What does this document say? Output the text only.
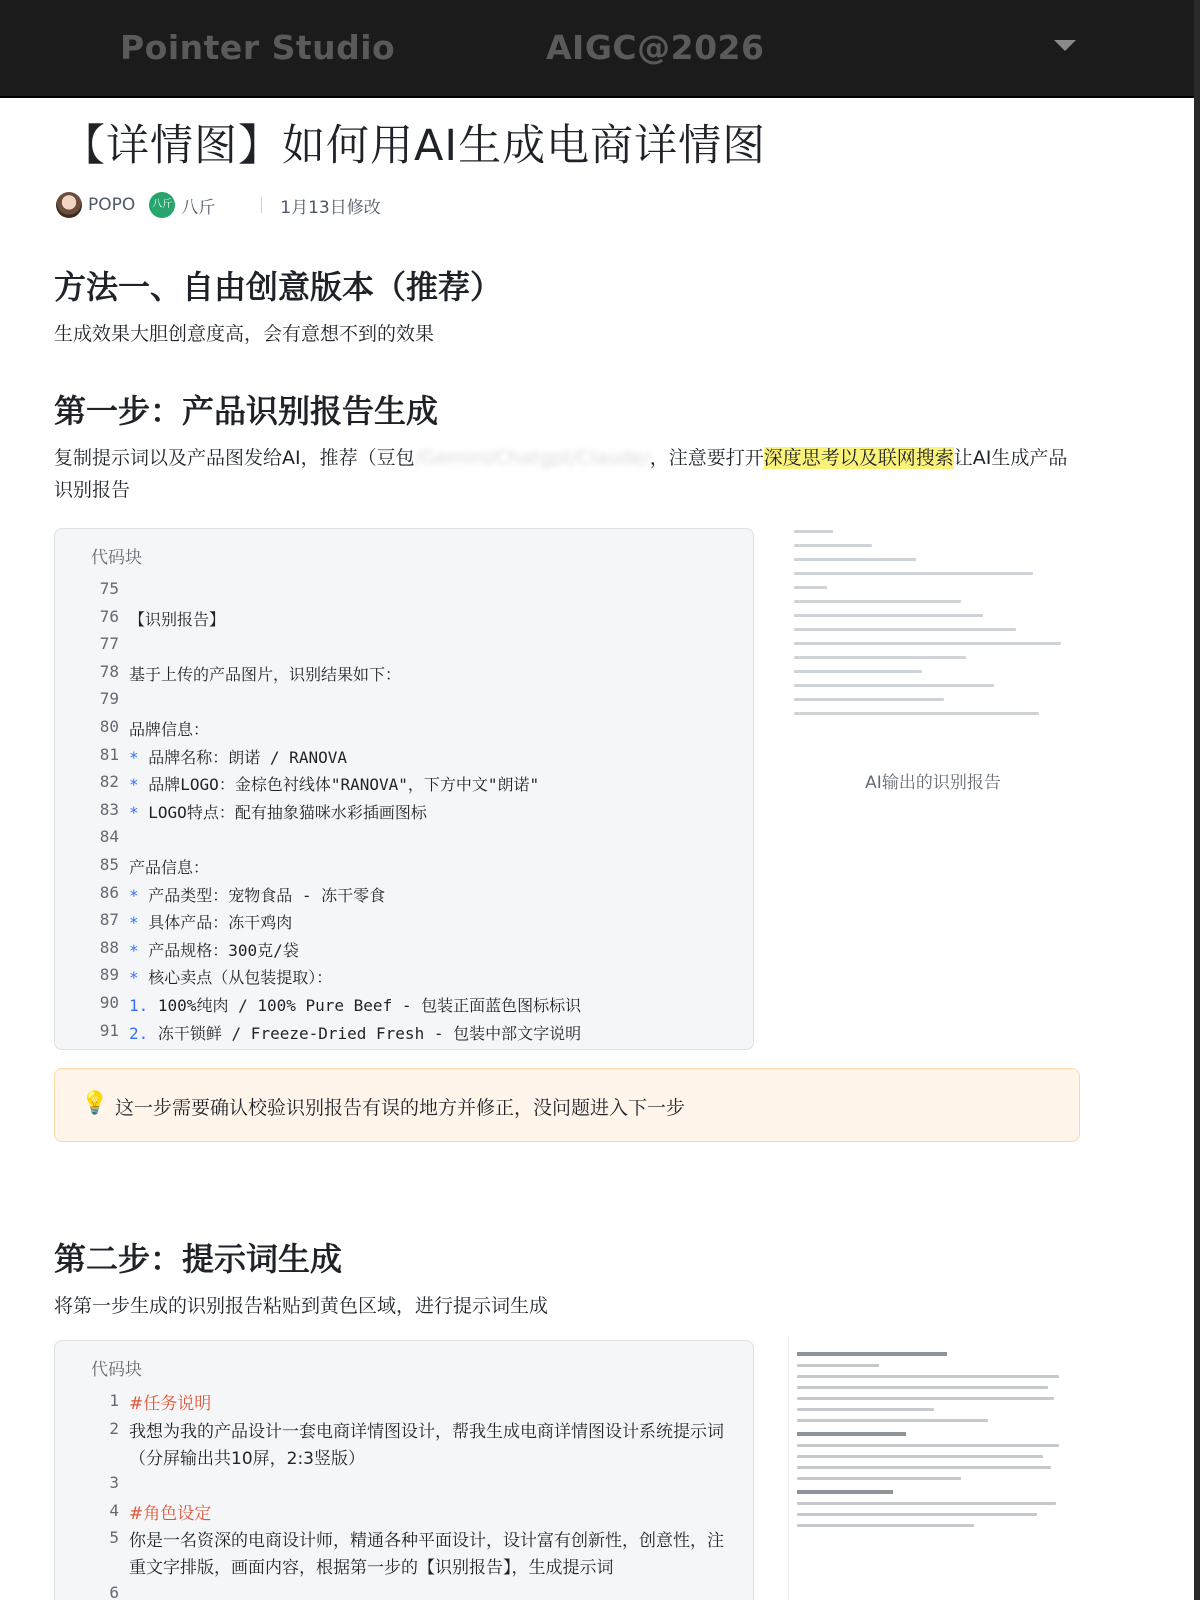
Pointer Studio	AIGC@2026
【详情图】如何用AI生成电商详情图
POPO	八斤 八斤	1月13日修改
方法一、自由创意版本（推荐）
生成效果大胆创意度高，会有意想不到的效果
第一步：产品识别报告生成
复制提示词以及产品图发给AI，推荐（豆包/Gemini/Chatgpt/Claude/，注意要打开深度思考以及联网搜索让AI生成产品识别报告
代码块
75
76 【识别报告】
77
78 基于上传的产品图片，识别结果如下：
79
80 品牌信息：
81 * 品牌名称：朗诺 / RANOVA
82 * 品牌LOGO：金棕色衬线体"RANOVA"，下方中文"朗诺"
83 * LOGO特点：配有抽象猫咪水彩插画图标
84
85 产品信息：
86 * 产品类型：宠物食品 - 冻干零食
87 * 具体产品：冻干鸡肉
88 * 产品规格：300克/袋
89 * 核心卖点（从包装提取）：
90 1. 100%纯肉 / 100% Pure Beef - 包装正面蓝色图标标识
91 2. 冻干锁鲜 / Freeze-Dried Fresh - 包装中部文字说明
AI输出的识别报告
💡 这一步需要确认校验识别报告有误的地方并修正，没问题进入下一步
第二步：提示词生成
将第一步生成的识别报告粘贴到黄色区域，进行提示词生成
代码块
1 #任务说明
2 我想为我的产品设计一套电商详情图设计，帮我生成电商详情图设计系统提示词（分屏输出共10屏，2:3竖版）
3
4 #角色设定
5 你是一名资深的电商设计师，精通各种平面设计，设计富有创新性，创意性，注重文字排版，画面内容，根据第一步的【识别报告】，生成提示词
6
